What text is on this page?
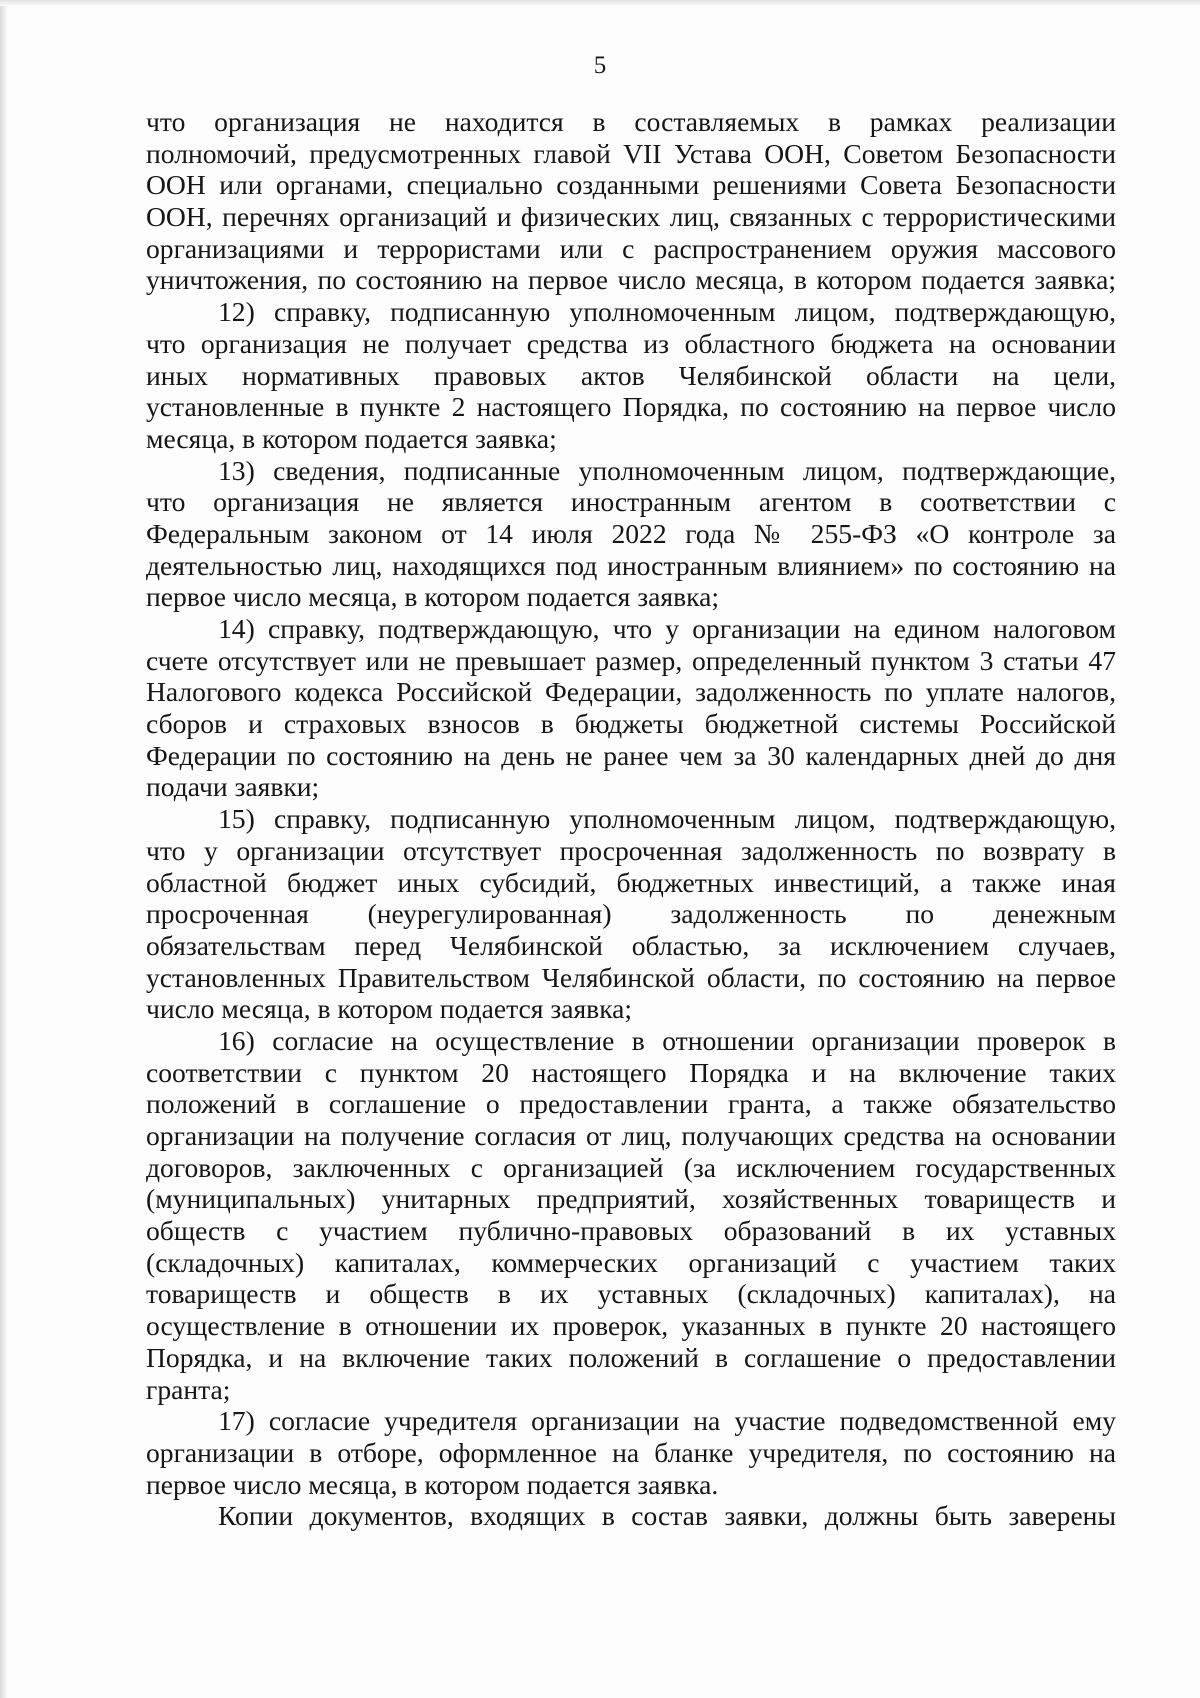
5
что организация не находится в составляемых в рамках реализации
полномочий, предусмотренных главой VII Устава ООН, Советом Безопасности
ООН или органами, специально созданными решениями Совета Безопасности
ООН, перечнях организаций и физических лиц, связанных с террористическими
организациями и террористами или с распространением оружия массового
уничтожения, по состоянию на первое число месяца, в котором подается заявка;
12) справку, подписанную уполномоченным лицом, подтверждающую,
что организация не получает средства из областного бюджета на основании
иных нормативных правовых актов Челябинской области на цели,
установленные в пункте 2 настоящего Порядка, по состоянию на первое число
месяца, в котором подается заявка;
13) сведения, подписанные уполномоченным лицом, подтверждающие,
что организация не является иностранным агентом в соответствии с
Федеральным законом от 14 июля 2022 года № 255-ФЗ «О контроле за
деятельностью лиц, находящихся под иностранным влиянием» по состоянию на
первое число месяца, в котором подается заявка;
14) справку, подтверждающую, что у организации на едином налоговом
счете отсутствует или не превышает размер, определенный пунктом 3 статьи 47
Налогового кодекса Российской Федерации, задолженность по уплате налогов,
сборов и страховых взносов в бюджеты бюджетной системы Российской
Федерации по состоянию на день не ранее чем за 30 календарных дней до дня
подачи заявки;
15) справку, подписанную уполномоченным лицом, подтверждающую,
что у организации отсутствует просроченная задолженность по возврату в
областной бюджет иных субсидий, бюджетных инвестиций, а также иная
просроченная (неурегулированная) задолженность по денежным
обязательствам перед Челябинской областью, за исключением случаев,
установленных Правительством Челябинской области, по состоянию на первое
число месяца, в котором подается заявка;
16) согласие на осуществление в отношении организации проверок в
соответствии с пунктом 20 настоящего Порядка и на включение таких
положений в соглашение о предоставлении гранта, а также обязательство
организации на получение согласия от лиц, получающих средства на основании
договоров, заключенных с организацией (за исключением государственных
(муниципальных) унитарных предприятий, хозяйственных товариществ и
обществ с участием публично-правовых образований в их уставных
(складочных) капиталах, коммерческих организаций с участием таких
товариществ и обществ в их уставных (складочных) капиталах), на
осуществление в отношении их проверок, указанных в пункте 20 настоящего
Порядка, и на включение таких положений в соглашение о предоставлении
гранта;
17) согласие учредителя организации на участие подведомственной ему
организации в отборе, оформленное на бланке учредителя, по состоянию на
первое число месяца, в котором подается заявка.
Копии документов, входящих в состав заявки, должны быть заверены
